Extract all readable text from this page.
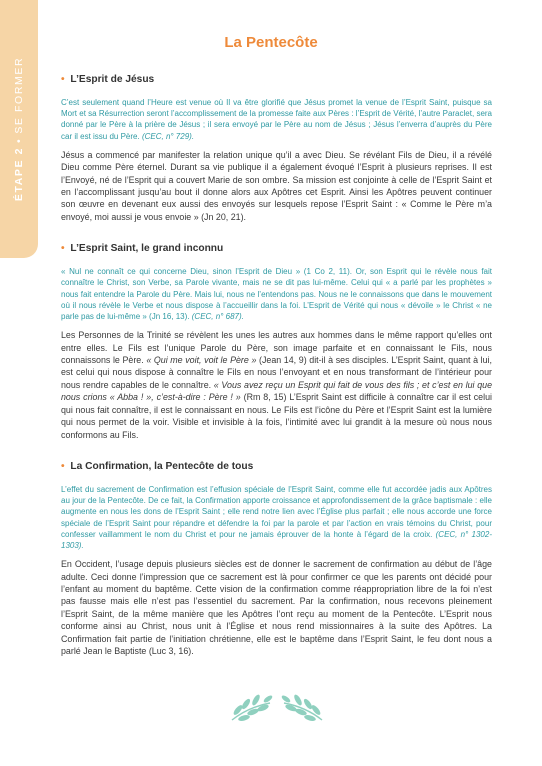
ÉTAPE 2•SE FORMER
La Pentecôte
• L’Esprit de Jésus

C’est seulement quand l’Heure est venue où Il va être glorifié que Jésus promet la venue de l’Esprit Saint, puisque sa Mort et sa Résurrection seront l’accomplissement de la promesse faite aux Pères : l’Esprit de Vérité, l’autre Paraclet, sera donné par le Père à la prière de Jésus ; il sera envoyé par le Père au nom de Jésus ; Jésus l’enverra d’auprès du Père car il est issu du Père. (CEC, n° 729).

Jésus a commencé par manifester la relation unique qu’il a avec Dieu. Se révélant Fils de Dieu, il a révélé Dieu comme Père éternel. Durant sa vie publique il a également évoqué l’Esprit à plusieurs reprises. Il est l’Envoyé, né de l’Esprit qui a couvert Marie de son ombre. Sa mission est conjointe à celle de l’Esprit Saint et en l’accomplissant jusqu’au bout il donne alors aux Apôtres cet Esprit. Ainsi les Apôtres peuvent continuer son œuvre en devenant eux aussi des envoyés sur lesquels repose l’Esprit Saint : « Comme le Père m’a envoyé, moi aussi je vous envoie » (Jn 20, 21).

• L’Esprit Saint, le grand inconnu

« Nul ne connaît ce qui concerne Dieu, sinon l’Esprit de Dieu » (1 Co 2, 11). Or, son Esprit qui le révèle nous fait connaître le Christ, son Verbe, sa Parole vivante, mais ne se dit pas lui-même. Celui qui « a parlé par les prophètes » nous fait entendre la Parole du Père. Mais lui, nous ne l’entendons pas. Nous ne le connaissons que dans le mouvement où il nous révèle le Verbe et nous dispose à l’accueillir dans la foi. L’Esprit de Vérité qui nous « dévoile » le Christ « ne parle pas de lui-même » (Jn 16, 13). (CEC, n° 687).

Les Personnes de la Trinité se révèlent les unes les autres aux hommes dans le même rapport qu’elles ont entre elles. Le Fils est l’unique Parole du Père, son image parfaite et en connaissant le Fils, nous connaissons le Père. « Qui me voit, voit le Père » (Jean 14, 9) dit-il à ses disciples. L’Esprit Saint, quant à lui, est celui qui nous dispose à connaître le Fils en nous l’envoyant et en nous transformant de l’intérieur pour nous rendre capables de le connaître. « Vous avez reçu un Esprit qui fait de vous des fils ; et c’est en lui que nous crions « Abba ! », c’est-à-dire : Père ! » (Rm 8, 15) L’Esprit Saint est difficile à connaître car il est celui qui nous fait connaître, il est le connaissant en nous. Le Fils est l’icône du Père et l’Esprit Saint est la lumière qui nous permet de la voir. Visible et invisible à la fois, l’intimité avec lui grandit à la mesure où nous nous conformons au Fils.

• La Confirmation, la Pentecôte de tous

L’effet du sacrement de Confirmation est l’effusion spéciale de l’Esprit Saint, comme elle fut accordée jadis aux Apôtres au jour de la Pentecôte. De ce fait, la Confirmation apporte croissance et approfondissement de la grâce baptismale : elle augmente en nous les dons de l’Esprit Saint ; elle rend notre lien avec l’Église plus parfait ; elle nous accorde une force spéciale de l’Esprit Saint pour répandre et défendre la foi par la parole et par l’action en vrais témoins du Christ, pour confesser vaillamment le nom du Christ et pour ne jamais éprouver de la honte à l’égard de la croix. (CEC, n° 1302-1303).

En Occident, l’usage depuis plusieurs siècles est de donner le sacrement de confirmation au début de l’âge adulte. Ceci donne l’impression que ce sacrement est là pour confirmer ce que les parents ont décidé pour l’enfant au moment du baptême. Cette vision de la confirmation comme réappropriation libre de la foi n’est pas fausse mais elle n’est pas l’essentiel du sacrement. Par la confirmation, nous recevons pleinement l’Esprit Saint, de la même manière que les Apôtres l’ont reçu au moment de la Pentecôte. L’Esprit nous conforme ainsi au Christ, nous unit à l’Église et nous rend missionnaires à la suite des Apôtres. La Confirmation fait partie de l’initiation chrétienne, elle est le baptême dans l’Esprit Saint, le feu dont nous a parlé Jean le Baptiste (Luc 3, 16).
